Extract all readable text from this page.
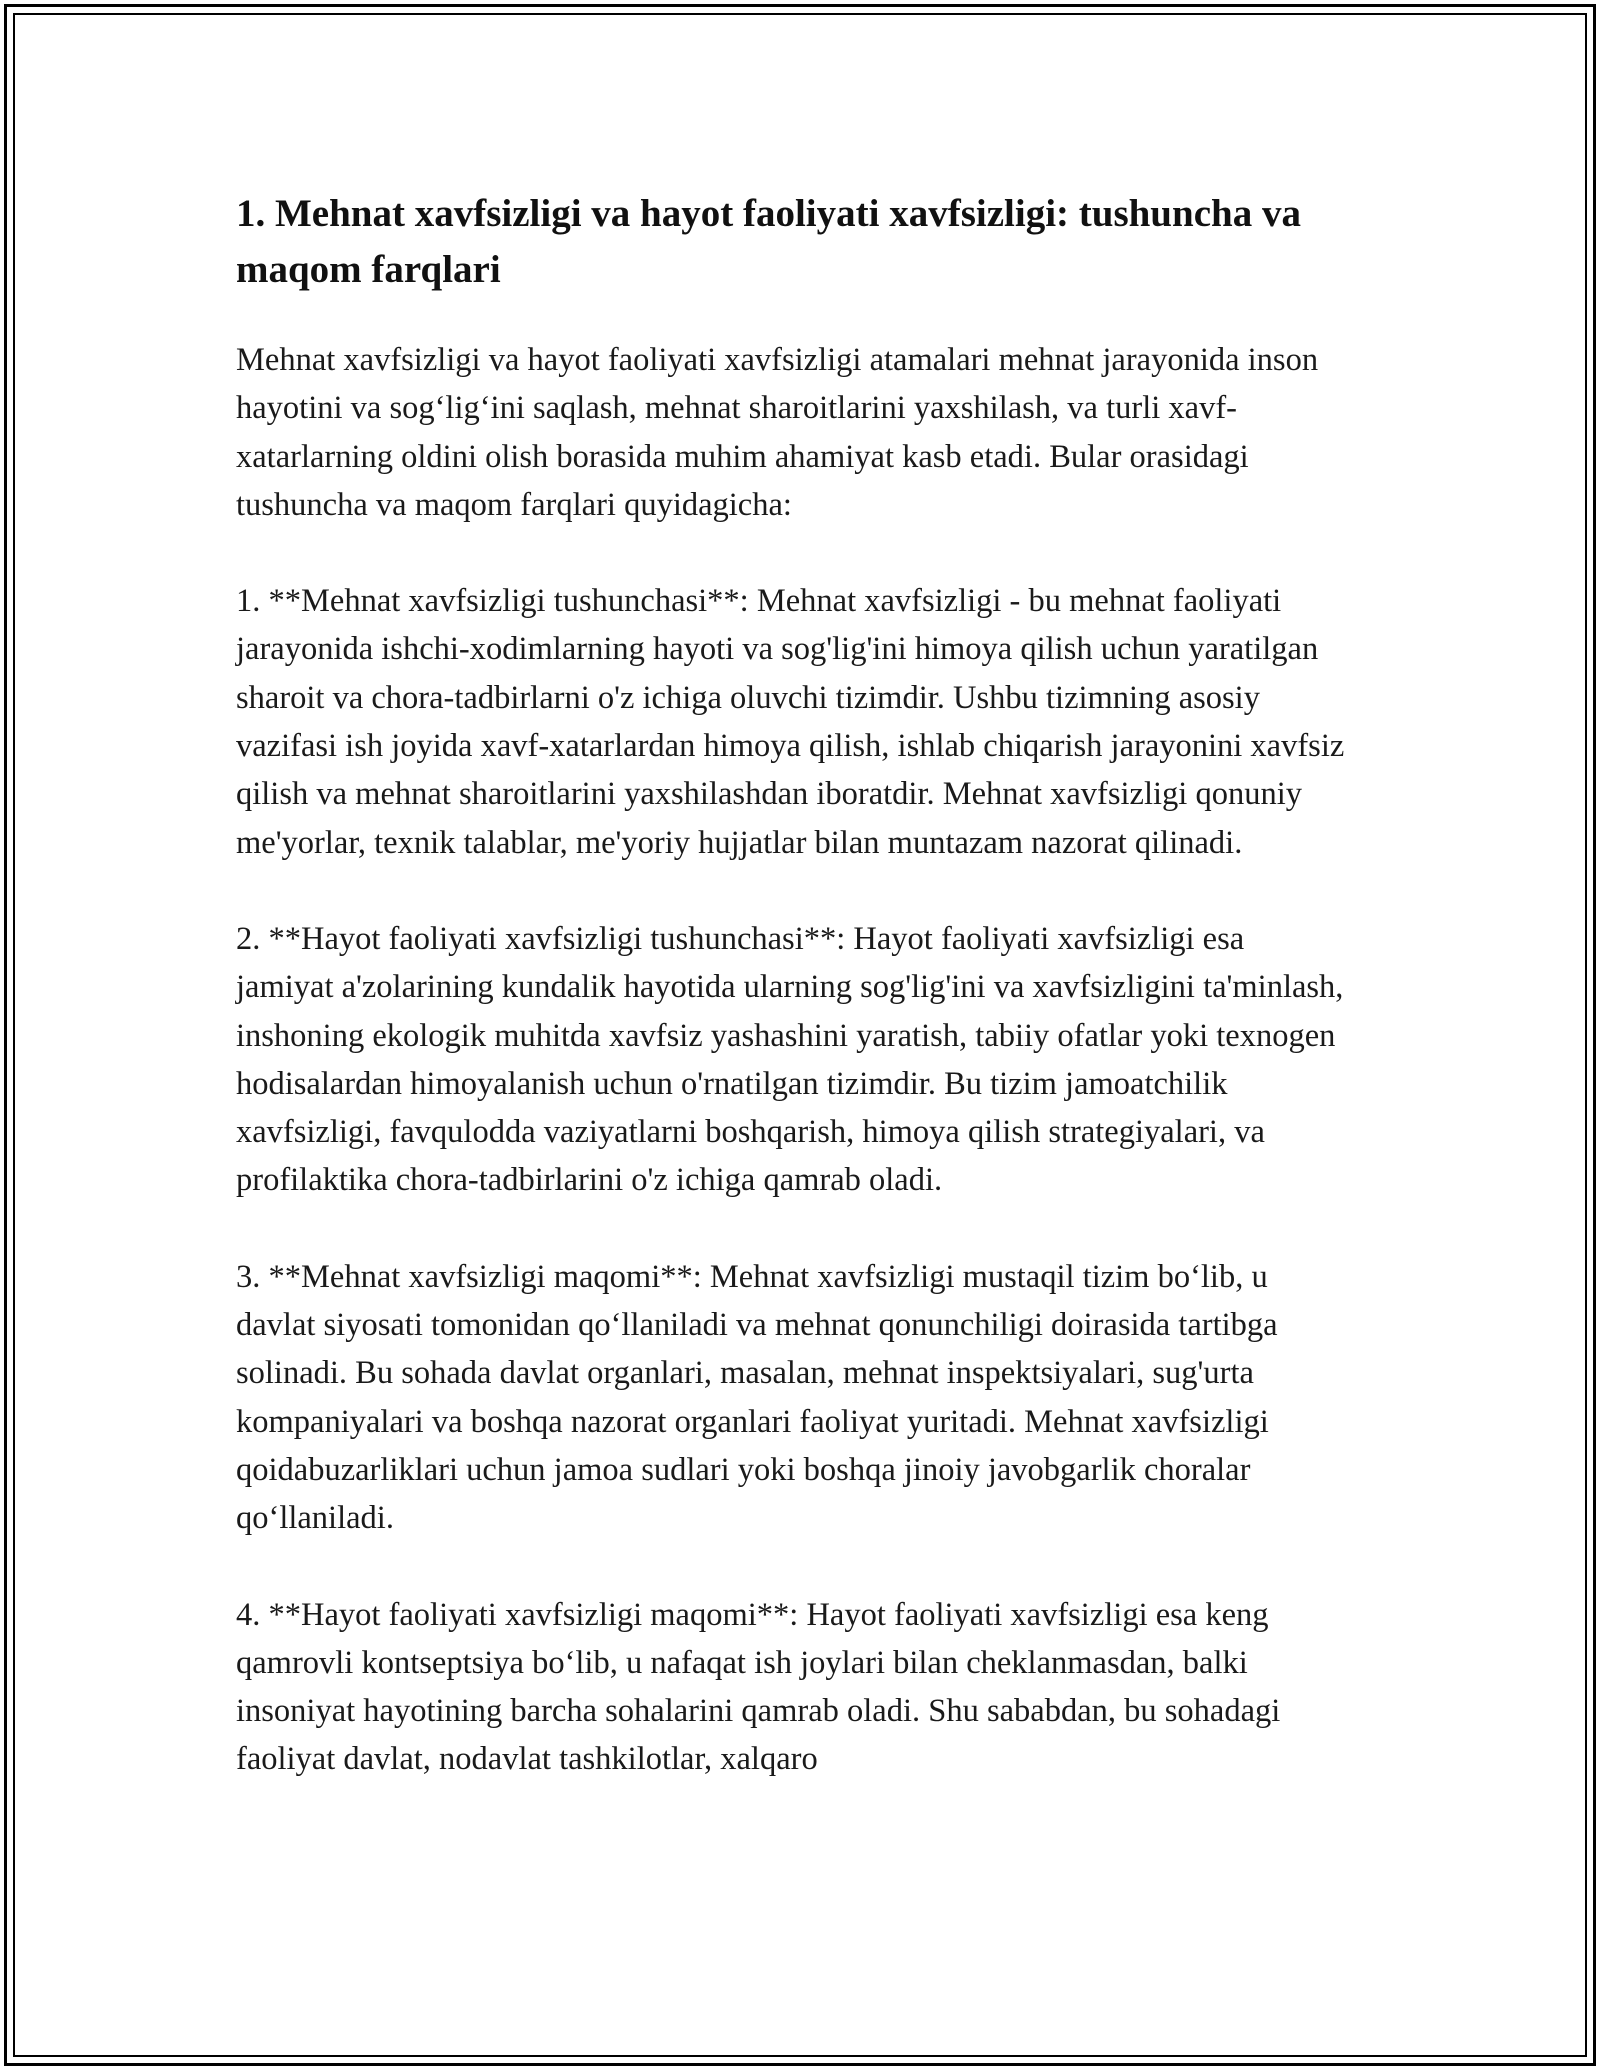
1. Mehnat xavfsizligi va hayot faoliyati xavfsizligi: tushuncha va maqom farqlari

Mehnat xavfsizligi va hayot faoliyati xavfsizligi atamalari mehnat jarayonida inson hayotini va sog‘lig‘ini saqlash, mehnat sharoitlarini yaxshilash, va turli xavf-xatarlarning oldini olish borasida muhim ahamiyat kasb etadi. Bular orasidagi tushuncha va maqom farqlari quyidagicha:

1. **Mehnat xavfsizligi tushunchasi**: Mehnat xavfsizligi - bu mehnat faoliyati jarayonida ishchi-xodimlarning hayoti va sog'lig'ini himoya qilish uchun yaratilgan sharoit va chora-tadbirlarni o'z ichiga oluvchi tizimdir. Ushbu tizimning asosiy vazifasi ish joyida xavf-xatarlardan himoya qilish, ishlab chiqarish jarayonini xavfsiz qilish va mehnat sharoitlarini yaxshilashdan iboratdir. Mehnat xavfsizligi qonuniy me'yorlar, texnik talablar, me'yoriy hujjatlar bilan muntazam nazorat qilinadi.

2. **Hayot faoliyati xavfsizligi tushunchasi**: Hayot faoliyati xavfsizligi esa jamiyat a'zolarining kundalik hayotida ularning sog'lig'ini va xavfsizligini ta'minlash, inshoning ekologik muhitda xavfsiz yashashini yaratish, tabiiy ofatlar yoki texnogen hodisalardan himoyalanish uchun o'rnatilgan tizimdir. Bu tizim jamoatchilik xavfsizligi, favqulodda vaziyatlarni boshqarish, himoya qilish strategiyalari, va profilaktika chora-tadbirlarini o'z ichiga qamrab oladi.

3. **Mehnat xavfsizligi maqomi**: Mehnat xavfsizligi mustaqil tizim bo‘lib, u davlat siyosati tomonidan qo‘llaniladi va mehnat qonunchiligi doirasida tartibga solinadi. Bu sohada davlat organlari, masalan, mehnat inspektsiyalari, sug'urta kompaniyalari va boshqa nazorat organlari faoliyat yuritadi. Mehnat xavfsizligi qoidabuzarliklari uchun jamoa sudlari yoki boshqa jinoiy javobgarlik choralar qo‘llaniladi.

4. **Hayot faoliyati xavfsizligi maqomi**: Hayot faoliyati xavfsizligi esa keng qamrovli kontseptsiya bo‘lib, u nafaqat ish joylari bilan cheklanmasdan, balki insoniyat hayotining barcha sohalarini qamrab oladi. Shu sababdan, bu sohadagi faoliyat davlat, nodavlat tashkilotlar, xalqaro
